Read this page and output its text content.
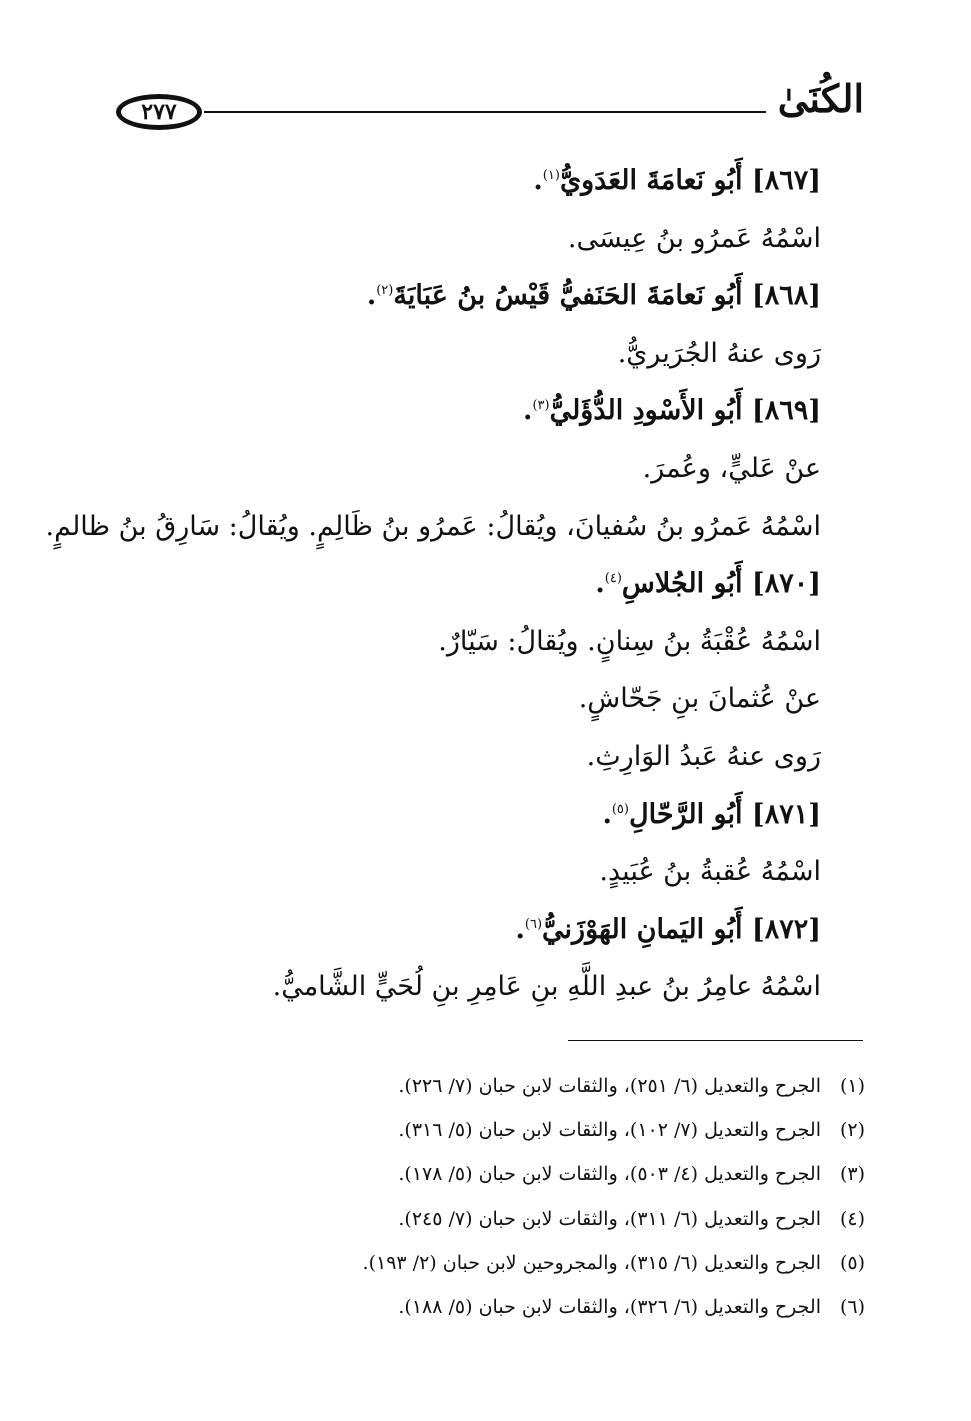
٢٧٧	الكُنَىٰ
[٨٦٧] أَبُو نَعامَةَ العَدَويُّ$^{(١)}$.
اسْمُهُ عَمرُو بنُ عِيسَى.
[٨٦٨] أَبُو نَعامَةَ الحَنَفيُّ قَيْسُ بنُ عَبَايَةَ$^{(٢)}$.
رَوى عنهُ الجُرَيريُّ.
[٨٦٩] أَبُو الأَسْودِ الدُّؤَليُّ$^{(٣)}$.
عنْ عَليٍّ، وعُمرَ.
اسْمُهُ عَمرُو بنُ سُفيانَ، ويُقالُ: عَمرُو بنُ ظَالِمٍ. ويُقالُ: سَارِقُ بنُ ظالمٍ.
[٨٧٠] أَبُو الجُلاسِ$^{(٤)}$.
اسْمُهُ عُقْبَةُ بنُ سِنانٍ. ويُقالُ: سَيّارٌ.
عنْ عُثمانَ بنِ جَحّاشٍ.
رَوى عنهُ عَبدُ الوَارِثِ.
[٨٧١] أَبُو الرَّحّالِ$^{(٥)}$.
اسْمُهُ عُقبةُ بنُ عُبَيدٍ.
[٨٧٢] أَبُو اليَمانِ الهَوْزَنيُّ$^{(٦)}$.
اسْمُهُ عامِرُ بنُ عبدِ اللَّهِ بنِ عَامِرِ بنِ لُحَيٍّ الشَّاميُّ.
(١)الجرح والتعديل (٦/ ٢٥١)، والثقات لابن حبان (٧/ ٢٢٦).
(٢)الجرح والتعديل (٧/ ١٠٢)، والثقات لابن حبان (٥/ ٣١٦).
(٣)الجرح والتعديل (٤/ ٥٠٣)، والثقات لابن حبان (٥/ ١٧٨).
(٤)الجرح والتعديل (٦/ ٣١١)، والثقات لابن حبان (٧/ ٢٤٥).
(٥)الجرح والتعديل (٦/ ٣١٥)، والمجروحين لابن حبان (٢/ ١٩٣).
(٦)الجرح والتعديل (٦/ ٣٢٦)، والثقات لابن حبان (٥/ ١٨٨).
